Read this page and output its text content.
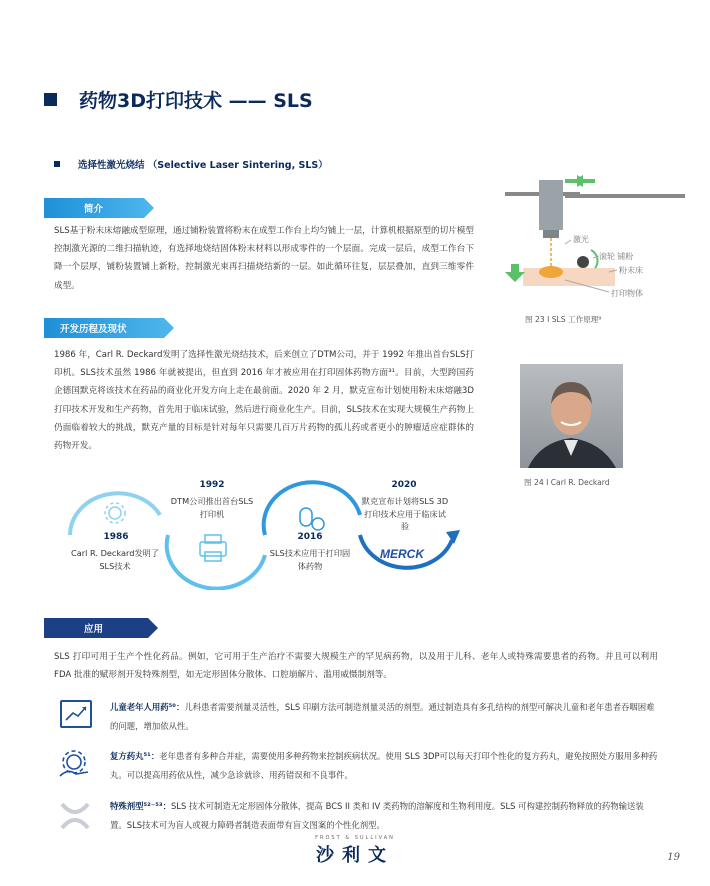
药物3D打印技术 —— SLS
选择性激光烧结 （Selective Laser Sintering, SLS）
简介
SLS基于粉末床熔融成型原理，通过铺粉装置将粉末在成型工作台上均匀铺上一层，计算机根据原型的切片模型控制激光源的二维扫描轨迹，有选择地烧结固体粉末材料以形成零件的一个层面。完成一层后，成型工作台下降一个层厚，铺粉装置铺上新粉，控制激光束再扫描烧结新的一层。如此循环往复，层层叠加，直到三维零件成型。
激光
滚轮 铺粉
粉末床
打印物体
图 23 I SLS 工作原理⁹
开发历程及现状
1986 年，Carl R. Deckard发明了选择性激光烧结技术，后来创立了DTM公司，并于 1992 年推出首台SLS打印机。SLS技术虽然 1986 年就被提出，但直到 2016 年才被应用在打印固体药物方面³¹。目前，大型跨国药企德国默克将该技术在药品的商业化开发方向上走在最前面。2020 年 2 月，默克宣布计划使用粉末床熔融3D打印技术开发和生产药物，首先用于临床试验，然后进行商业化生产。目前，SLS技术在实现大规模生产药物上仍面临着较大的挑战，默克产量的目标是针对每年只需要几百万片药物的孤儿药或者更小的肿瘤适应症群体的药物开发。
图 24 I Carl R. Deckard
MERCK
1986
Carl R. Deckard发明了SLS技术
1992
DTM公司推出首台SLS打印机
2016
SLS技术应用于打印固体药物
2020
默克宣布计划将SLS 3D打印技术应用于临床试验
应用
SLS 打印可用于生产个性化药品。例如，它可用于生产治疗不需要大规模生产的罕见病药物，以及用于儿科、老年人或特殊需要患者的药物。并且可以利用 FDA 批准的赋形剂开发特殊剂型，如无定形固体分散体、口腔崩解片、滥用威慑制剂等。
儿童老年人用药⁵⁰：儿科患者需要剂量灵活性，SLS 印刷方法可制造剂量灵活的剂型。通过制造具有多孔结构的剂型可解决儿童和老年患者吞咽困难的问题，增加依从性。
复方药丸⁵¹：老年患者有多种合并症，需要使用多种药物来控制疾病状况。使用 SLS 3DP可以每天打印个性化的复方药丸，避免按照处方服用多种药丸。可以提高用药依从性，减少急诊就诊、用药错误和不良事件。
特殊剂型⁵²⁻⁵³：SLS 技术可制造无定形固体分散体，提高 BCS II 类和 IV 类药物的溶解度和生物利用度。SLS 可构建控制药物释放的药物输送装置。SLS技术可为盲人或视力障碍者制造表面带有盲文图案的个性化剂型。
FROST & SULLIVAN
沙利文	19
